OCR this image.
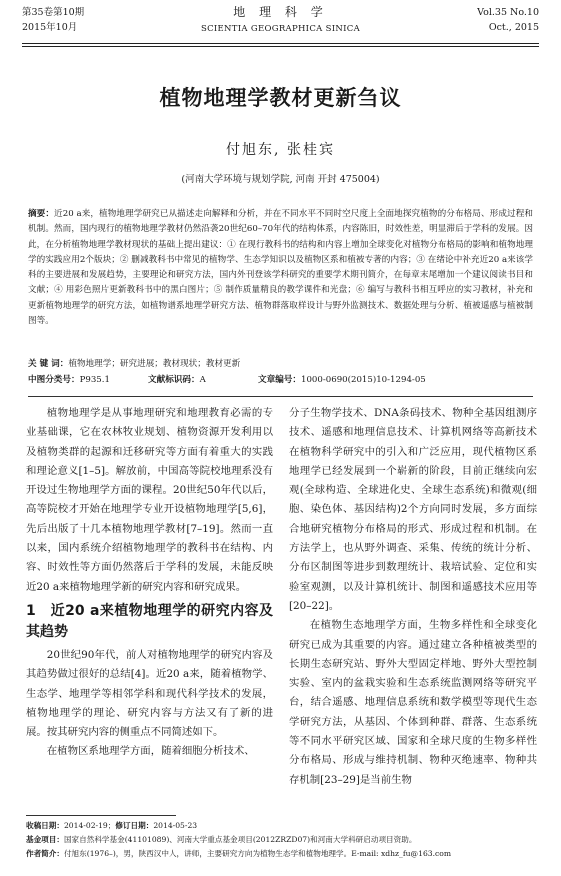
第35卷第10期
2015年10月
地 理 科 学
SCIENTIA GEOGRAPHICA SINICA
Vol.35 No.10
Oct., 2015
植物地理学教材更新刍议
付旭东, 张桂宾
(河南大学环境与规划学院, 河南 开封 475004)
摘要：近20 a来，植物地理学研究已从描述走向解释和分析，并在不同水平不同时空尺度上全面地探究植物的分布格局、形成过程和机制。然而，国内现行的植物地理学教材仍然沿袭20世纪60–70年代的结构体系，内容陈旧，时效性差，明显滞后于学科的发展。因此，在分析植物地理学教材现状的基础上提出建议：① 在现行教科书的结构和内容上增加全球变化对植物分布格局的影响和植物地理学的实践应用2个版块；② 删减教科书中常见的植物学、生态学知识以及植物区系和植被专著的内容；③ 在绪论中补充近20 a来该学科的主要进展和发展趋势，主要理论和研究方法，国内外刊登该学科研究的重要学术期刊简介，在每章末尾增加一个建议阅读书目和文献；④ 用彩色照片更新教科书中的黑白图片；⑤ 制作质量精良的教学课件和光盘；⑥ 编写与教科书相互呼应的实习教材，补充和更新植物地理学的研究方法，如植物谱系地理学研究方法、植物群落取样设计与野外监测技术、数据处理与分析、植被遥感与植被制图等。
关 键 词：植物地理学；研究进展；教材现状；教材更新
中图分类号：P935.1	文献标识码：A	文章编号：1000-0690(2015)10-1294-05

植物地理学是从事地理研究和地理教育必需的专业基础课，它在农林牧业规划、植物资源开发利用以及植物类群的起源和迁移研究等方面有着重大的实践和理论意义[1–5]。解放前，中国高等院校地理系没有开设过生物地理学方面的课程。20世纪50年代以后，高等院校才开始在地理学专业开设植物地理学[5,6]，先后出版了十几本植物地理学教材[7–19]。然而一直以来，国内系统介绍植物地理学的教科书在结构、内容、时效性等方面仍然落后于学科的发展，未能反映近20 a来植物地理学新的研究内容和研究成果。

1　近20 a来植物地理学的研究内容及其趋势

20世纪90年代，前人对植物地理学的研究内容及其趋势做过很好的总结[4]。近20 a来，随着植物学、生态学、地理学等相邻学科和现代科学技术的发展，植物地理学的理论、研究内容与方法又有了新的进展。按其研究内容的侧重点不同简述如下。

在植物区系地理学方面，随着细胞分析技术、

分子生物学技术、DNA条码技术、物种全基因组测序技术、遥感和地理信息技术、计算机网络等高新技术在植物科学研究中的引入和广泛应用，现代植物区系地理学已经发展到一个崭新的阶段，目前正继续向宏观(全球构造、全球进化史、全球生态系统)和微观(细胞、染色体、基因结构)2个方向同时发展，多方面综合地研究植物分布格局的形式、形成过程和机制。在方法学上，也从野外调查、采集、传统的统计分析、分布区制图等进步到数理统计、栽培试验、定位和实验室观测，以及计算机统计、制图和遥感技术应用等[20–22]。

在植物生态地理学方面，生物多样性和全球变化研究已成为其重要的内容。通过建立各种植被类型的长期生态研究站、野外大型固定样地、野外大型控制实验、室内的盆栽实验和生态系统监测网络等研究平台，结合遥感、地理信息系统和数学模型等现代生态学研究方法，从基因、个体到种群、群落、生态系统等不同水平研究区域、国家和全球尺度的生物多样性分布格局、形成与维持机制、物种灭绝速率、物种共存机制[23–29]是当前生物

收稿日期：2014-02-19；修订日期：2014-05-23
基金项目：国家自然科学基金(41101089)、河南大学重点基金项目(2012ZRZD07)和河南大学科研启动项目资助。
作者简介：付旭东(1976–)，男，陕西汉中人，讲师，主要研究方向为植物生态学和植物地理学。E-mail: xdhz_fu@163.com
